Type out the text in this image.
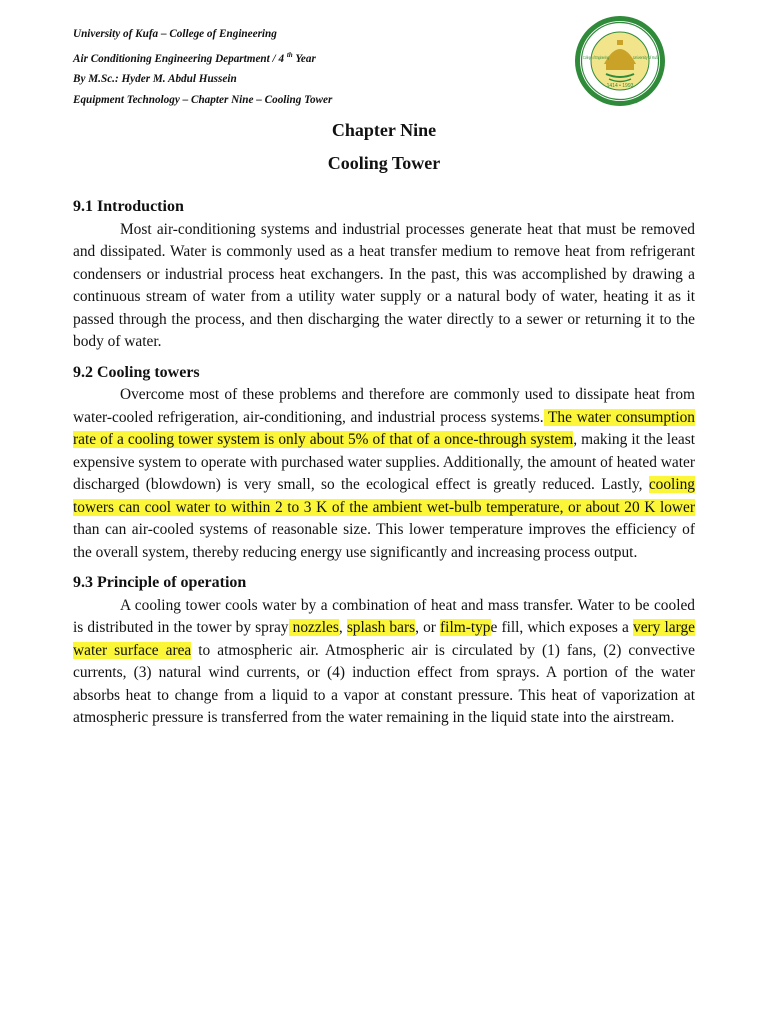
University of Kufa – College of Engineering
Air Conditioning Engineering Department / 4 $^{th}$ Year
By M.Sc.: Hyder M. Abdul Hussein
Equipment Technology – Chapter Nine – Cooling Tower
1414 • 1993
College of Engineering	University of Kufa
Chapter Nine
Cooling Tower
9.1 Introduction

Most air-conditioning systems and industrial processes generate heat that must be removed and dissipated. Water is commonly used as a heat transfer medium to remove heat from refrigerant condensers or industrial process heat exchangers. In the past, this was accomplished by drawing a continuous stream of water from a utility water supply or a natural body of water, heating it as it passed through the process, and then discharging the water directly to a sewer or returning it to the body of water.

9.2 Cooling towers

Overcome most of these problems and therefore are commonly used to dissipate heat from water-cooled refrigeration, air-conditioning, and industrial process systems. The water consumption rate of a cooling tower system is only about 5% of that of a once-through system, making it the least expensive system to operate with purchased water supplies. Additionally, the amount of heated water discharged (blowdown) is very small, so the ecological effect is greatly reduced. Lastly, cooling towers can cool water to within 2 to 3 K of the ambient wet-bulb temperature, or about 20 K lower than can air-cooled systems of reasonable size. This lower temperature improves the efficiency of the overall system, thereby reducing energy use significantly and increasing process output.

9.3 Principle of operation

A cooling tower cools water by a combination of heat and mass transfer. Water to be cooled is distributed in the tower by spray nozzles, splash bars, or film-type fill, which exposes a very large water surface area to atmospheric air. Atmospheric air is circulated by (1) fans, (2) convective currents, (3) natural wind currents, or (4) induction effect from sprays. A portion of the water absorbs heat to change from a liquid to a vapor at constant pressure. This heat of vaporization at atmospheric pressure is transferred from the water remaining in the liquid state into the airstream.
